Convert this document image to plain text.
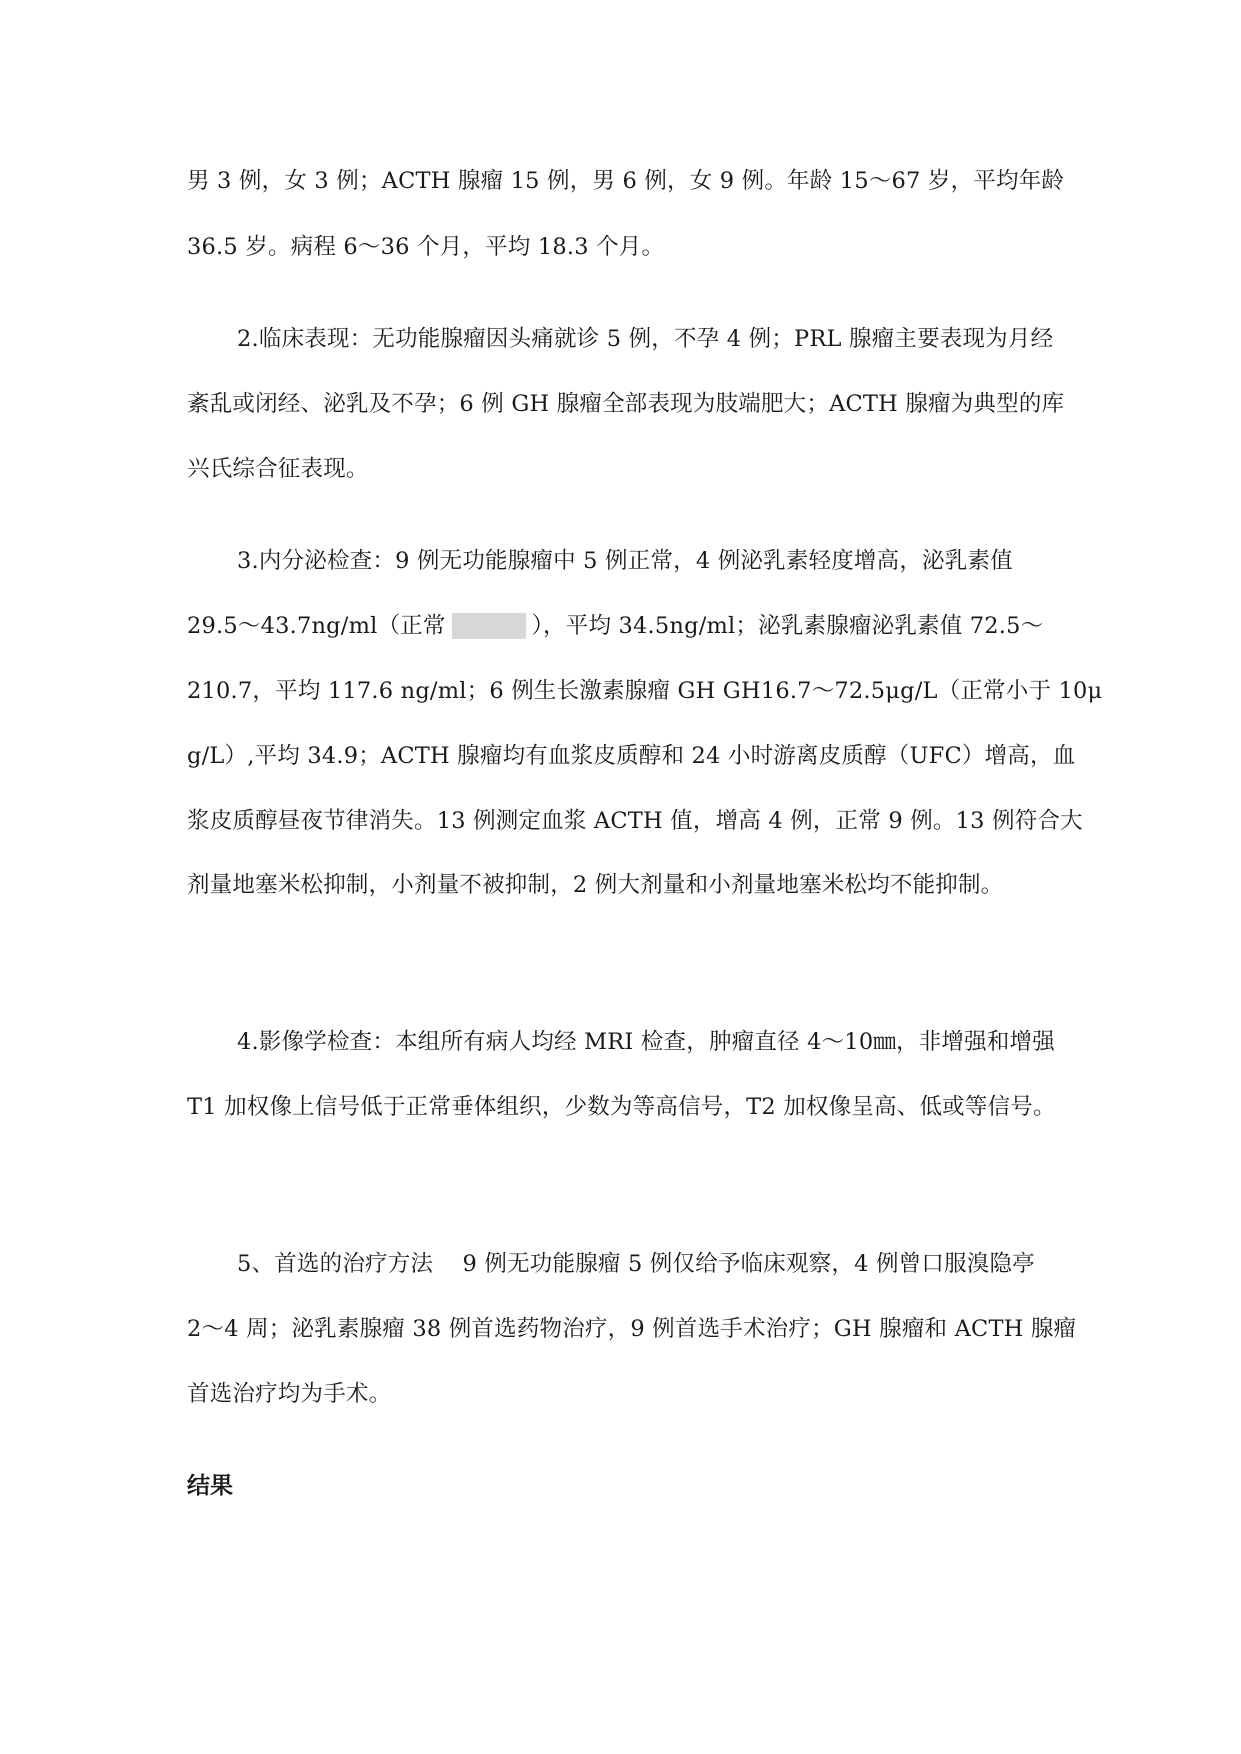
男 3 例，女 3 例；ACTH 腺瘤 15 例，男 6 例，女 9 例。年龄 15～67 岁，平均年龄
36.5 岁。病程 6～36 个月，平均 18.3 个月。
2.临床表现：无功能腺瘤因头痛就诊 5 例，不孕 4 例；PRL 腺瘤主要表现为月经
紊乱或闭经、泌乳及不孕；6 例 GH 腺瘤全部表现为肢端肥大；ACTH 腺瘤为典型的库
兴氏综合征表现。
3.内分泌检查：9 例无功能腺瘤中 5 例正常，4 例泌乳素轻度增高，泌乳素值
29.5～43.7ng/ml（正常	），平均 34.5ng/ml；泌乳素腺瘤泌乳素值 72.5～
210.7，平均 117.6 ng/ml；6 例生长激素腺瘤 GH GH16.7～72.5μg/L（正常小于 10μ
g/L）,平均 34.9；ACTH 腺瘤均有血浆皮质醇和 24 小时游离皮质醇（UFC）增高，血
浆皮质醇昼夜节律消失。13 例测定血浆 ACTH 值，增高 4 例，正常 9 例。13 例符合大
剂量地塞米松抑制，小剂量不被抑制，2 例大剂量和小剂量地塞米松均不能抑制。
4.影像学检查：本组所有病人均经 MRI 检查，肿瘤直径 4～10㎜，非增强和增强
T1 加权像上信号低于正常垂体组织，少数为等高信号，T2 加权像呈高、低或等信号。
5、首选的治疗方法    9 例无功能腺瘤 5 例仅给予临床观察，4 例曾口服溴隐亭
2～4 周；泌乳素腺瘤 38 例首选药物治疗，9 例首选手术治疗；GH 腺瘤和 ACTH 腺瘤
首选治疗均为手术。
结果
